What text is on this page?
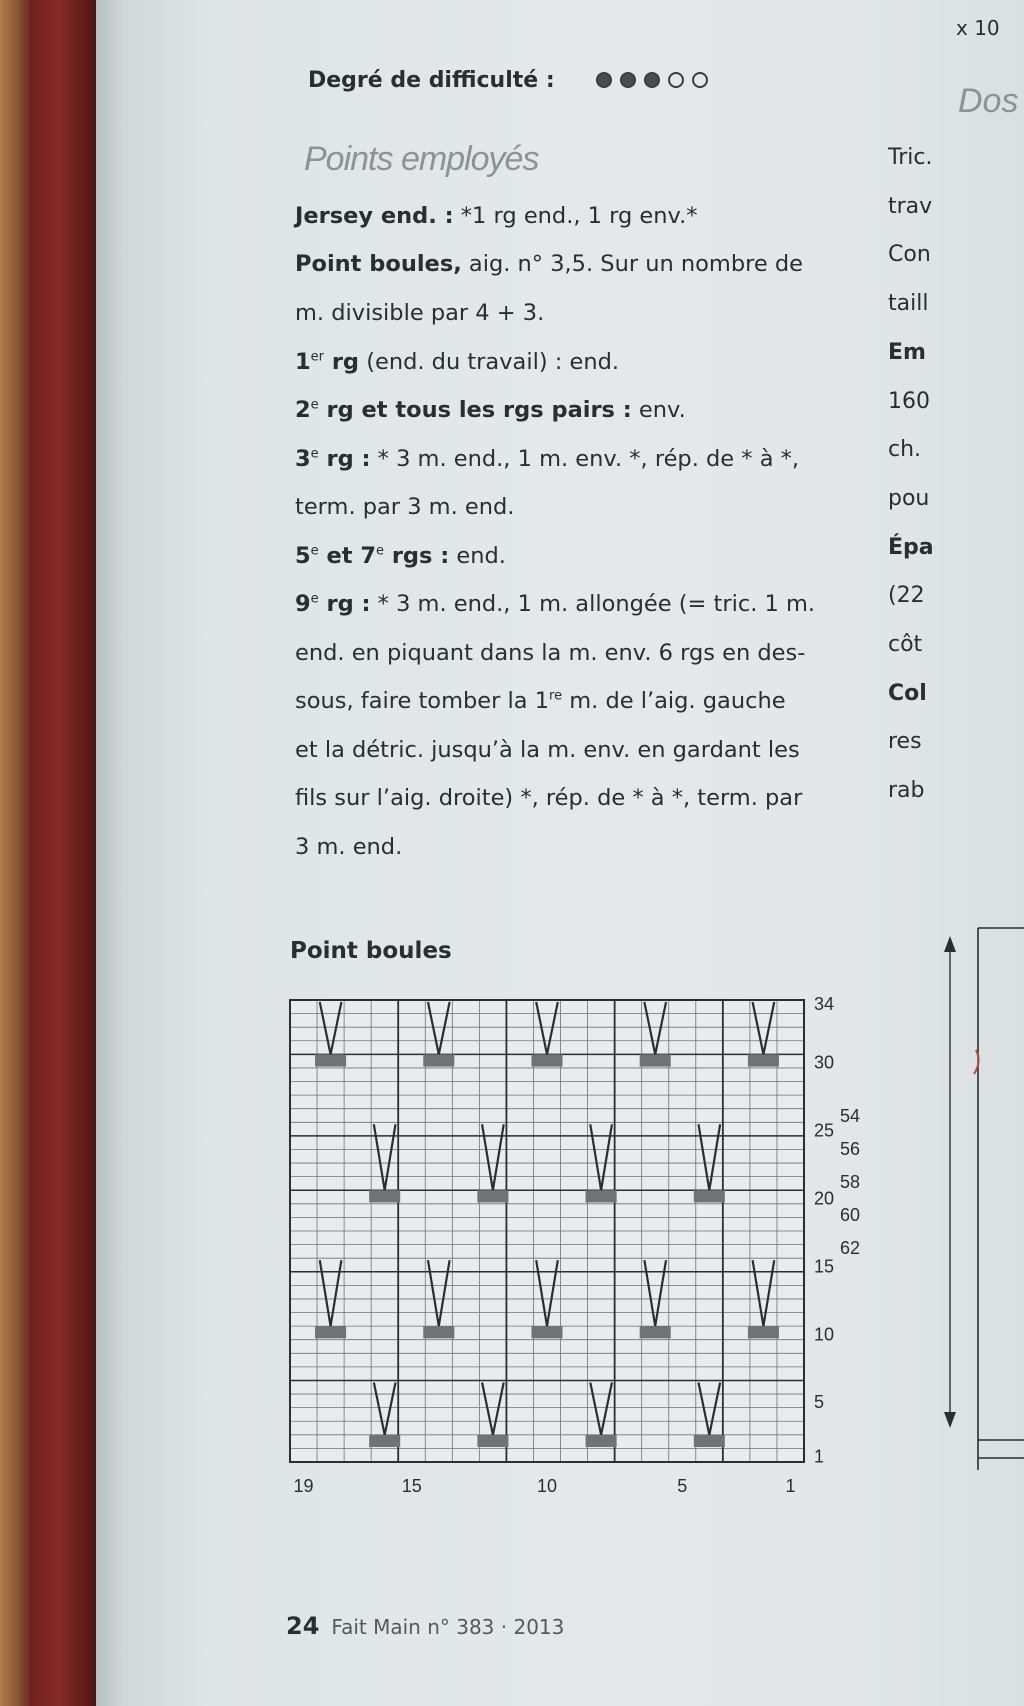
Degré de difficulté :
Points employés
Jersey end. : *1 rg end., 1 rg env.*
Point boules, aig. n° 3,5. Sur un nombre de
m. divisible par 4 + 3.
1er rg (end. du travail) : end.
2e rg et tous les rgs pairs : env.
3e rg : * 3 m. end., 1 m. env. *, rép. de * à *,
term. par 3 m. end.
5e et 7e rgs : end.
9e rg : * 3 m. end., 1 m. allongée (= tric. 1 m.
end. en piquant dans la m. env. 6 rgs en des-
sous, faire tomber la 1re m. de l’aig. gauche
et la détric. jusqu’à la m. env. en gardant les
fils sur l’aig. droite) *, rép. de * à *, term. par
3 m. end.
x 10
Dos
Tric.
trav
Con
taill
Em
160
ch.
pou
Épa
(22
côt
Col
res
rab
Point boules
34
30
25
20
15
10
5
1
19	15	10	5	1
54
56
58
60
62
24 Fait Main n° 383 · 2013
